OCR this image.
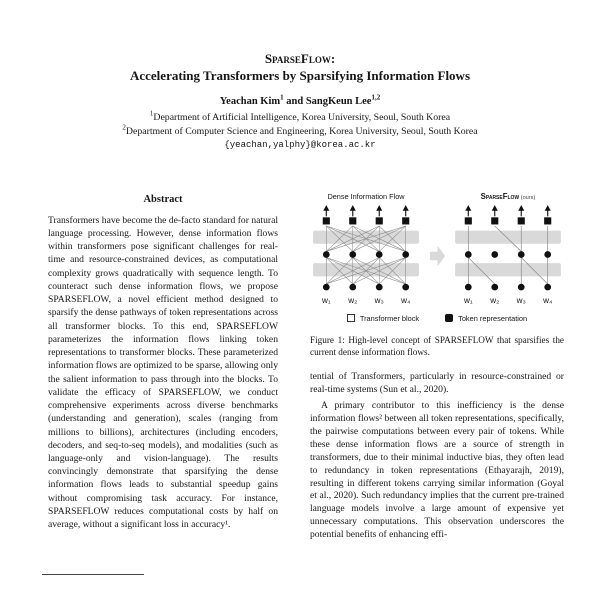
SparseFlow:
Accelerating Transformers by Sparsifying Information Flows
Yeachan Kim$^1$ and SangKeun Lee$^{1,2}$
$^1$Department of Artificial Intelligence, Korea University, Seoul, South Korea
$^2$Department of Computer Science and Engineering, Korea University, Seoul, South Korea
{yeachan,yalphy}@korea.ac.kr
Abstract
Transformers have become the de-facto standard for natural language processing. However, dense information flows within transformers pose significant challenges for real-time and resource-constrained devices, as computational complexity grows quadratically with sequence length. To counteract such dense information flows, we propose SPARSEFLOW, a novel efficient method designed to sparsify the dense pathways of token representations across all transformer blocks. To this end, SPARSEFLOW parameterizes the information flows linking token representations to transformer blocks. These parameterized information flows are optimized to be sparse, allowing only the salient information to pass through into the blocks. To validate the efficacy of SPARSEFLOW, we conduct comprehensive experiments across diverse benchmarks (understanding and generation), scales (ranging from millions to billions), architectures (including encoders, decoders, and seq-to-seq models), and modalities (such as language-only and vision-language). The results convincingly demonstrate that sparsifying the dense information flows leads to substantial speedup gains without compromising task accuracy. For instance, SPARSEFLOW reduces computational costs by half on average, without a significant loss in accuracy¹.
Dense Information Flow
w₁ w₂ w₃ w₄
SparseFlow (ours)
w₁ w₂ w₃ w₄
Transformer block	Token representation
Figure 1: High-level concept of SPARSEFLOW that sparsifies the current dense information flows.

tential of Transformers, particularly in resource-constrained or real-time systems (Sun et al., 2020).

A primary contributor to this inefficiency is the dense information flows² between all token representations, specifically, the pairwise computations between every pair of tokens. While these dense information flows are a source of strength in transformers, due to their minimal inductive bias, they often lead to redundancy in token representations (Ethayarajh, 2019), resulting in different tokens carrying similar information (Goyal et al., 2020). Such redundancy implies that the current pre-trained language models involve a large amount of expensive yet unnecessary computations. This observation underscores the potential benefits of enhancing effi-
